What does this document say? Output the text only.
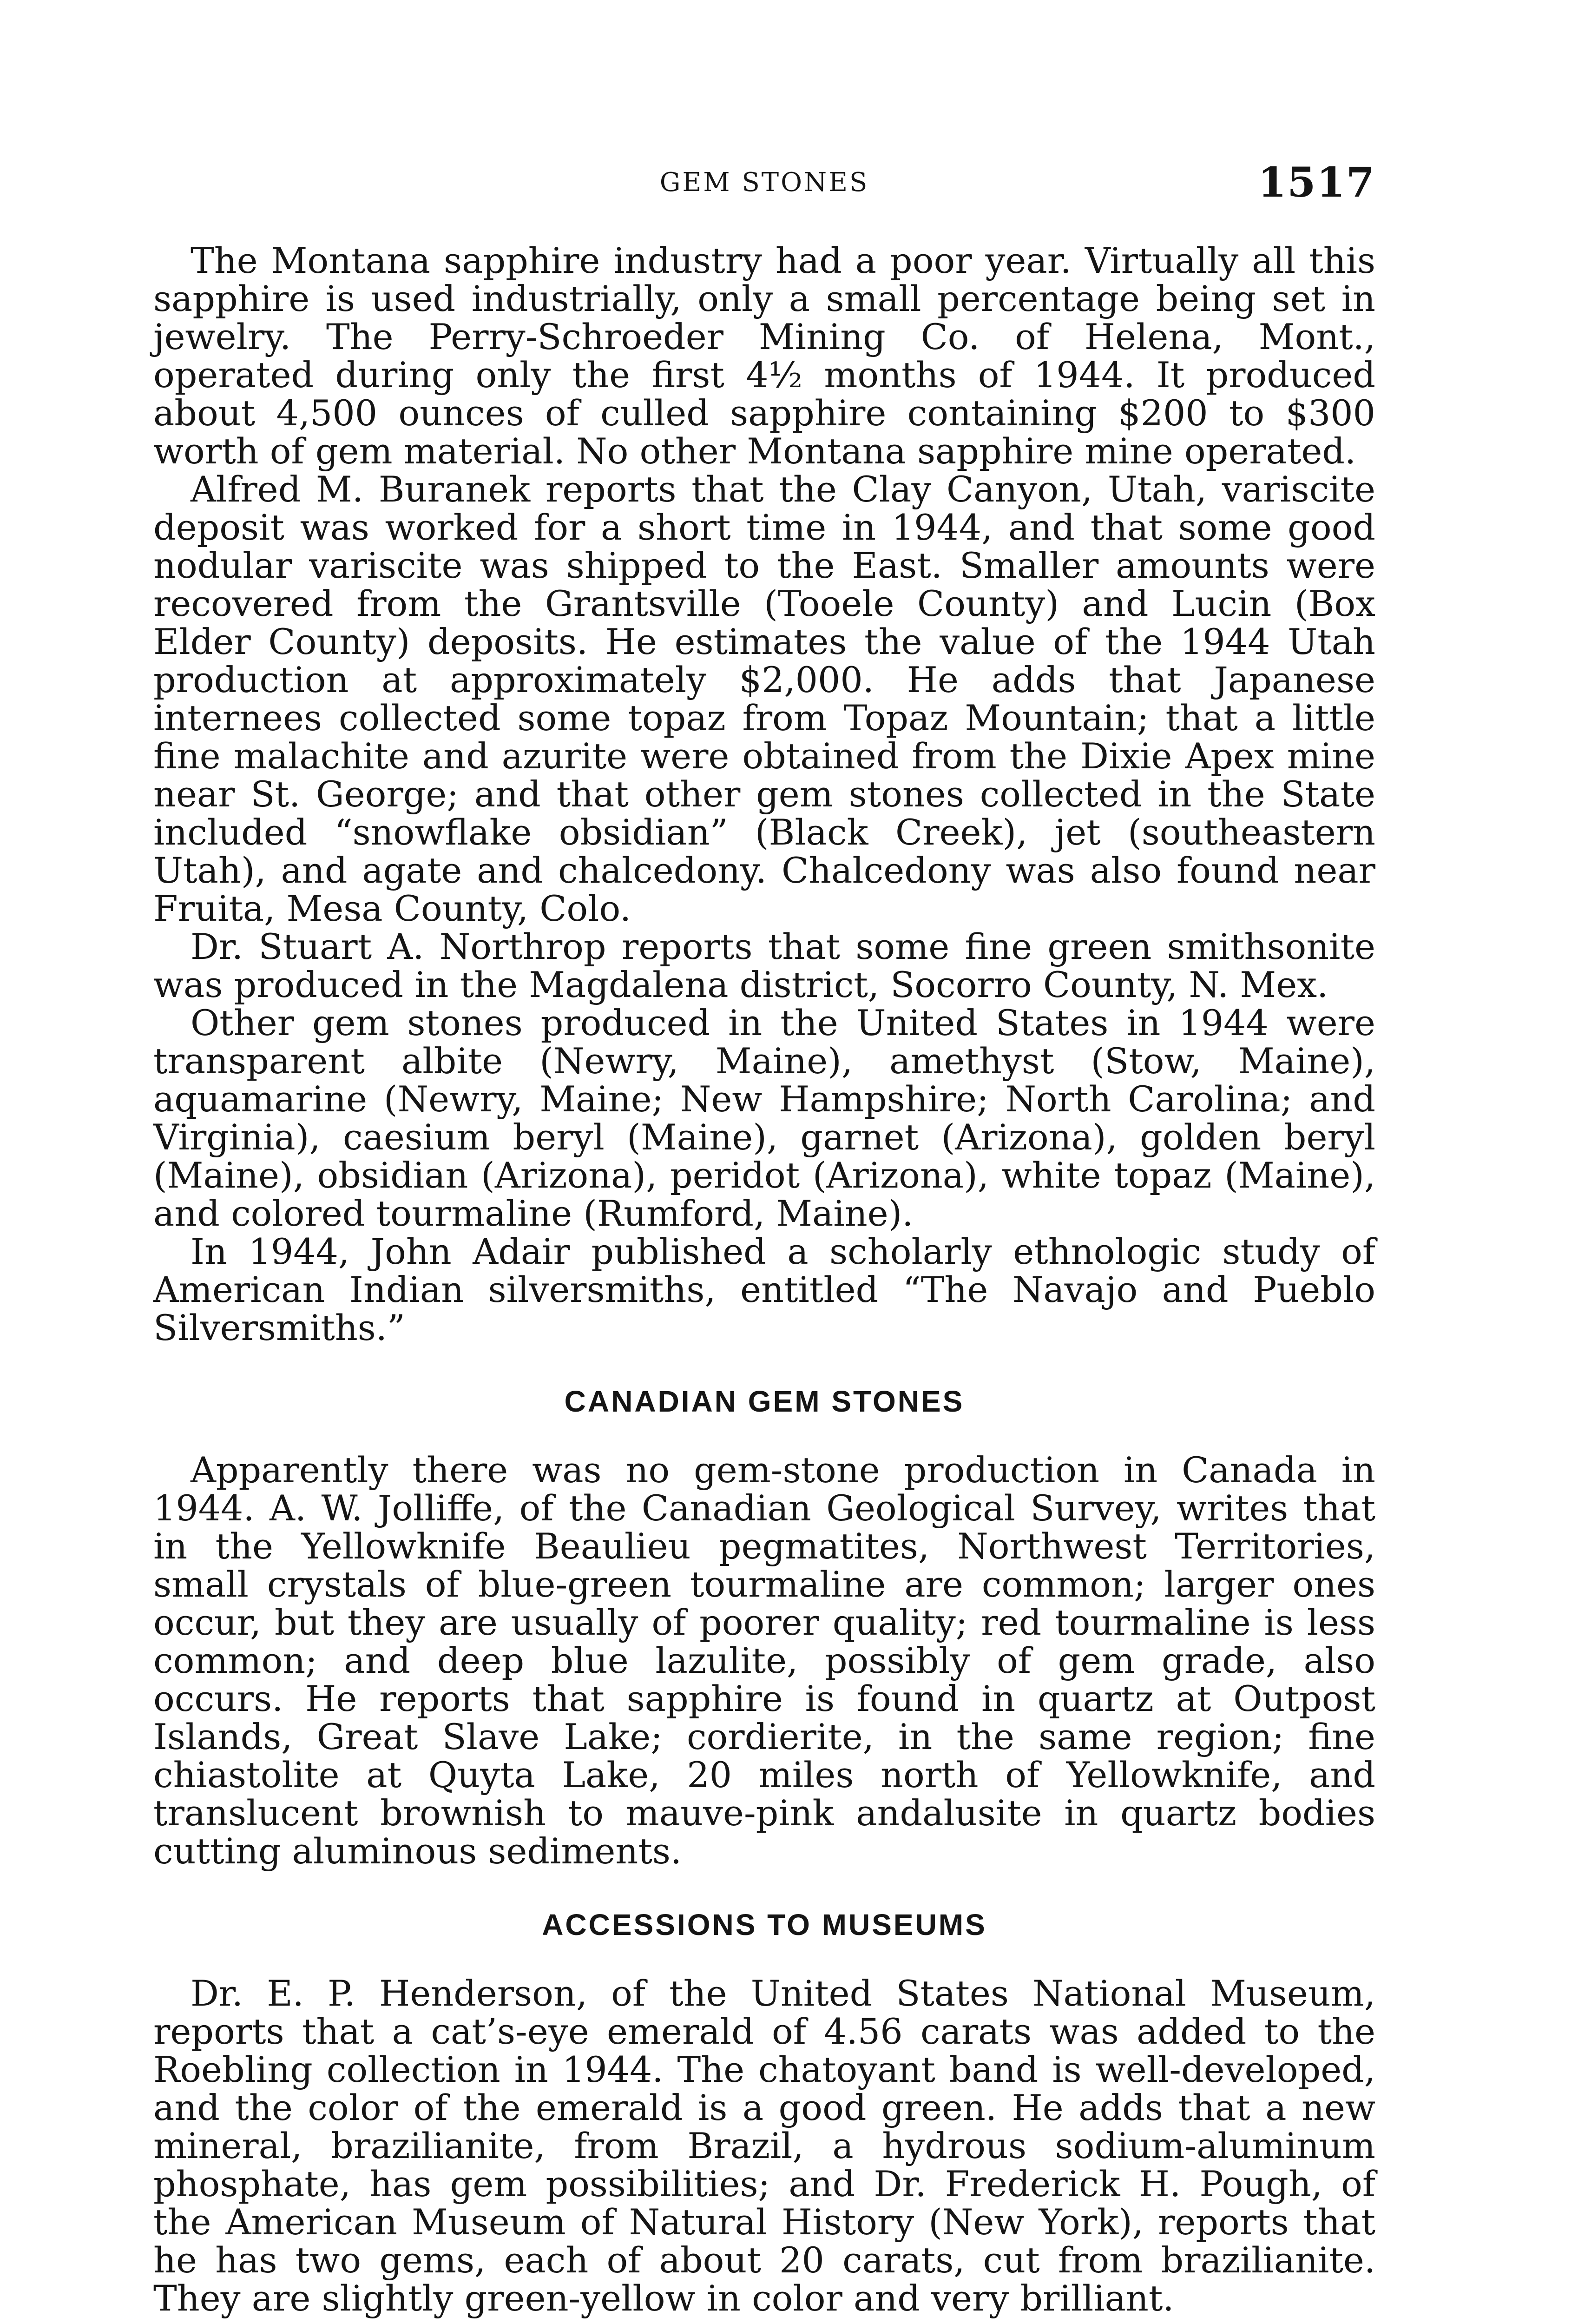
GEM STONES	1517

The Montana sapphire industry had a poor year. Virtually all this sapphire is used industrially, only a small percentage being set in jewelry. The Perry-Schroeder Mining Co. of Helena, Mont., operated during only the first 4½ months of 1944. It produced about 4,500 ounces of culled sapphire containing $200 to $300 worth of gem material. No other Montana sapphire mine operated.

Alfred M. Buranek reports that the Clay Canyon, Utah, variscite deposit was worked for a short time in 1944, and that some good nodular variscite was shipped to the East. Smaller amounts were recovered from the Grantsville (Tooele County) and Lucin (Box Elder County) deposits. He estimates the value of the 1944 Utah production at approximately $2,000. He adds that Japanese internees collected some topaz from Topaz Mountain; that a little fine malachite and azurite were obtained from the Dixie Apex mine near St. George; and that other gem stones collected in the State included “snowflake obsidian” (Black Creek), jet (southeastern Utah), and agate and chalcedony. Chalcedony was also found near Fruita, Mesa County, Colo.

Dr. Stuart A. Northrop reports that some fine green smithsonite was produced in the Magdalena district, Socorro County, N. Mex.

Other gem stones produced in the United States in 1944 were transparent albite (Newry, Maine), amethyst (Stow, Maine), aquamarine (Newry, Maine; New Hampshire; North Carolina; and Virginia), caesium beryl (Maine), garnet (Arizona), golden beryl (Maine), obsidian (Arizona), peridot (Arizona), white topaz (Maine), and colored tourmaline (Rumford, Maine).

In 1944, John Adair published a scholarly ethnologic study of American Indian silversmiths, entitled “The Navajo and Pueblo Silversmiths.”

CANADIAN GEM STONES

Apparently there was no gem-stone production in Canada in 1944. A. W. Jolliffe, of the Canadian Geological Survey, writes that in the Yellowknife Beaulieu pegmatites, Northwest Territories, small crystals of blue-green tourmaline are common; larger ones occur, but they are usually of poorer quality; red tourmaline is less common; and deep blue lazulite, possibly of gem grade, also occurs. He reports that sapphire is found in quartz at Outpost Islands, Great Slave Lake; cordierite, in the same region; fine chiastolite at Quyta Lake, 20 miles north of Yellowknife, and translucent brownish to mauve-pink andalusite in quartz bodies cutting aluminous sediments.

ACCESSIONS TO MUSEUMS

Dr. E. P. Henderson, of the United States National Museum, reports that a cat’s-eye emerald of 4.56 carats was added to the Roebling collection in 1944. The chatoyant band is well-developed, and the color of the emerald is a good green. He adds that a new mineral, brazilianite, from Brazil, a hydrous sodium-aluminum phosphate, has gem possibilities; and Dr. Frederick H. Pough, of the American Museum of Natural History (New York), reports that he has two gems, each of about 20 carats, cut from brazilianite. They are slightly green-yellow in color and very brilliant.
